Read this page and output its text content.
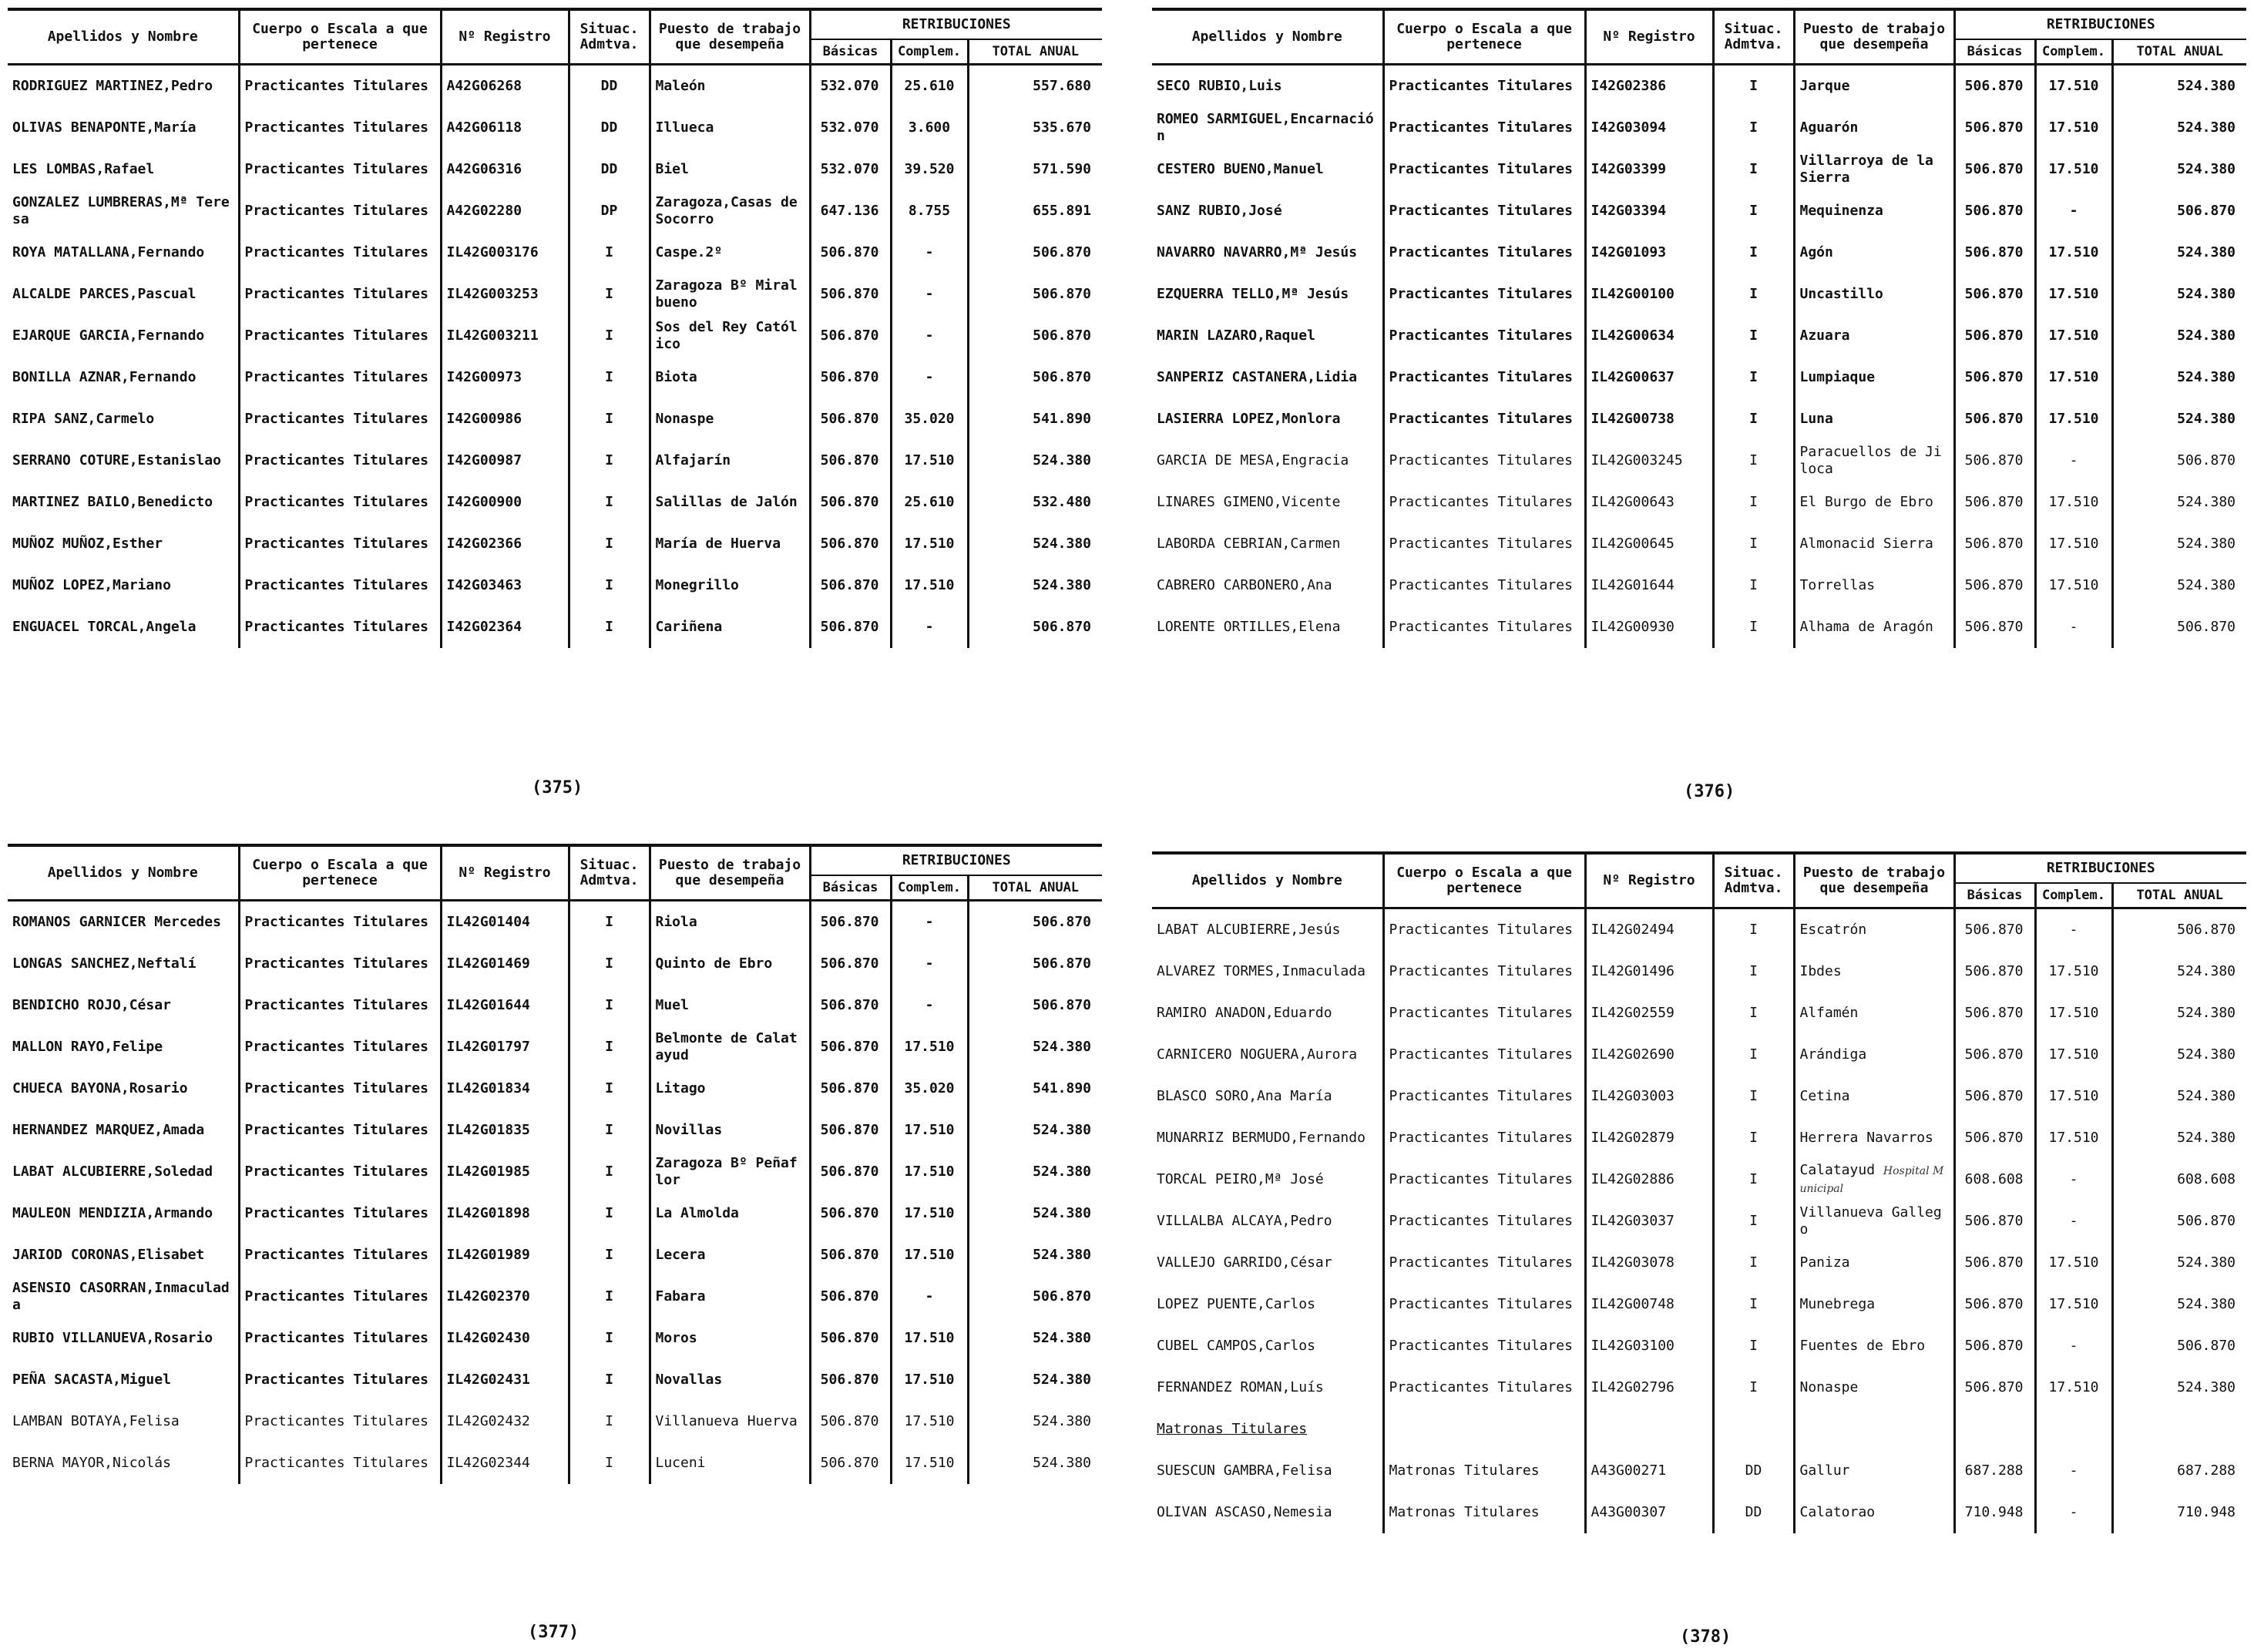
Apellidos y Nombre	Cuerpo o Escala a que pertenece	Nº Registro	Situac. Admtva.	Puesto de trabajo que desempeña	RETRIBUCIONES		
					Básicas	Complem.	TOTAL ANUAL
RODRIGUEZ MARTINEZ,Pedro	Practicantes Titulares	A42G06268	DD	Maleón	532.070	25.610	557.680
OLIVAS BENAPONTE,María	Practicantes Titulares	A42G06118	DD	Illueca	532.070	3.600	535.670
LES LOMBAS,Rafael	Practicantes Titulares	A42G06316	DD	Biel	532.070	39.520	571.590
GONZALEZ LUMBRERAS,Mª Teresa	Practicantes Titulares	A42G02280	DP	Zaragoza,Casas de Socorro	647.136	8.755	655.891
ROYA MATALLANA,Fernando	Practicantes Titulares	IL42G003176	I	Caspe.2º	506.870	-	506.870
ALCALDE PARCES,Pascual	Practicantes Titulares	IL42G003253	I	Zaragoza Bº Miralbueno	506.870	-	506.870
EJARQUE GARCIA,Fernando	Practicantes Titulares	IL42G003211	I	Sos del Rey Católico	506.870	-	506.870
BONILLA AZNAR,Fernando	Practicantes Titulares	I42G00973	I	Biota	506.870	-	506.870
RIPA SANZ,Carmelo	Practicantes Titulares	I42G00986	I	Nonaspe	506.870	35.020	541.890
SERRANO COTURE,Estanislao	Practicantes Titulares	I42G00987	I	Alfajarín	506.870	17.510	524.380
MARTINEZ BAILO,Benedicto	Practicantes Titulares	I42G00900	I	Salillas de Jalón	506.870	25.610	532.480
MUÑOZ MUÑOZ,Esther	Practicantes Titulares	I42G02366	I	María de Huerva	506.870	17.510	524.380
MUÑOZ LOPEZ,Mariano	Practicantes Titulares	I42G03463	I	Monegrillo	506.870	17.510	524.380
ENGUACEL TORCAL,Angela	Practicantes Titulares	I42G02364	I	Cariñena	506.870	-	506.870
Apellidos y Nombre	Cuerpo o Escala a que pertenece	Nº Registro	Situac. Admtva.	Puesto de trabajo que desempeña	RETRIBUCIONES		
					Básicas	Complem.	TOTAL ANUAL
SECO RUBIO,Luis	Practicantes Titulares	I42G02386	I	Jarque	506.870	17.510	524.380
ROMEO SARMIGUEL,Encarnación	Practicantes Titulares	I42G03094	I	Aguarón	506.870	17.510	524.380
CESTERO BUENO,Manuel	Practicantes Titulares	I42G03399	I	Villarroya de la Sierra	506.870	17.510	524.380
SANZ RUBIO,José	Practicantes Titulares	I42G03394	I	Mequinenza	506.870	-	506.870
NAVARRO NAVARRO,Mª Jesús	Practicantes Titulares	I42G01093	I	Agón	506.870	17.510	524.380
EZQUERRA TELLO,Mª Jesús	Practicantes Titulares	IL42G00100	I	Uncastillo	506.870	17.510	524.380
MARIN LAZARO,Raquel	Practicantes Titulares	IL42G00634	I	Azuara	506.870	17.510	524.380
SANPERIZ CASTANERA,Lidia	Practicantes Titulares	IL42G00637	I	Lumpiaque	506.870	17.510	524.380
LASIERRA LOPEZ,Monlora	Practicantes Titulares	IL42G00738	I	Luna	506.870	17.510	524.380
GARCIA DE MESA,Engracia	Practicantes Titulares	IL42G003245	I	Paracuellos de Jiloca	506.870	-	506.870
LINARES GIMENO,Vicente	Practicantes Titulares	IL42G00643	I	El Burgo de Ebro	506.870	17.510	524.380
LABORDA CEBRIAN,Carmen	Practicantes Titulares	IL42G00645	I	Almonacid Sierra	506.870	17.510	524.380
CABRERO CARBONERO,Ana	Practicantes Titulares	IL42G01644	I	Torrellas	506.870	17.510	524.380
LORENTE ORTILLES,Elena	Practicantes Titulares	IL42G00930	I	Alhama de Aragón	506.870	-	506.870
Apellidos y Nombre	Cuerpo o Escala a que pertenece	Nº Registro	Situac. Admtva.	Puesto de trabajo que desempeña	RETRIBUCIONES		
					Básicas	Complem.	TOTAL ANUAL
ROMANOS GARNICER Mercedes	Practicantes Titulares	IL42G01404	I	Riola	506.870	-	506.870
LONGAS SANCHEZ,Neftalí	Practicantes Titulares	IL42G01469	I	Quinto de Ebro	506.870	-	506.870
BENDICHO ROJO,César	Practicantes Titulares	IL42G01644	I	Muel	506.870	-	506.870
MALLON RAYO,Felipe	Practicantes Titulares	IL42G01797	I	Belmonte de Calatayud	506.870	17.510	524.380
CHUECA BAYONA,Rosario	Practicantes Titulares	IL42G01834	I	Litago	506.870	35.020	541.890
HERNANDEZ MARQUEZ,Amada	Practicantes Titulares	IL42G01835	I	Novillas	506.870	17.510	524.380
LABAT ALCUBIERRE,Soledad	Practicantes Titulares	IL42G01985	I	Zaragoza Bº Peñaflor	506.870	17.510	524.380
MAULEON MENDIZIA,Armando	Practicantes Titulares	IL42G01898	I	La Almolda	506.870	17.510	524.380
JARIOD CORONAS,Elisabet	Practicantes Titulares	IL42G01989	I	Lecera	506.870	17.510	524.380
ASENSIO CASORRAN,Inmaculada	Practicantes Titulares	IL42G02370	I	Fabara	506.870	-	506.870
RUBIO VILLANUEVA,Rosario	Practicantes Titulares	IL42G02430	I	Moros	506.870	17.510	524.380
PEÑA SACASTA,Miguel	Practicantes Titulares	IL42G02431	I	Novallas	506.870	17.510	524.380
LAMBAN BOTAYA,Felisa	Practicantes Titulares	IL42G02432	I	Villanueva Huerva	506.870	17.510	524.380
BERNA MAYOR,Nicolás	Practicantes Titulares	IL42G02344	I	Luceni	506.870	17.510	524.380
Apellidos y Nombre	Cuerpo o Escala a que pertenece	Nº Registro	Situac. Admtva.	Puesto de trabajo que desempeña	RETRIBUCIONES		
					Básicas	Complem.	TOTAL ANUAL
LABAT ALCUBIERRE,Jesús	Practicantes Titulares	IL42G02494	I	Escatrón	506.870	-	506.870
ALVAREZ TORMES,Inmaculada	Practicantes Titulares	IL42G01496	I	Ibdes	506.870	17.510	524.380
RAMIRO ANADON,Eduardo	Practicantes Titulares	IL42G02559	I	Alfamén	506.870	17.510	524.380
CARNICERO NOGUERA,Aurora	Practicantes Titulares	IL42G02690	I	Arándiga	506.870	17.510	524.380
BLASCO SORO,Ana María	Practicantes Titulares	IL42G03003	I	Cetina	506.870	17.510	524.380
MUNARRIZ BERMUDO,Fernando	Practicantes Titulares	IL42G02879	I	Herrera Navarros	506.870	17.510	524.380
TORCAL PEIRO,Mª José	Practicantes Titulares	IL42G02886	I	Calatayud Hospital Municipal	608.608	-	608.608
VILLALBA ALCAYA,Pedro	Practicantes Titulares	IL42G03037	I	Villanueva Gallego	506.870	-	506.870
VALLEJO GARRIDO,César	Practicantes Titulares	IL42G03078	I	Paniza	506.870	17.510	524.380
LOPEZ PUENTE,Carlos	Practicantes Titulares	IL42G00748	I	Munebrega	506.870	17.510	524.380
CUBEL CAMPOS,Carlos	Practicantes Titulares	IL42G03100	I	Fuentes de Ebro	506.870	-	506.870
FERNANDEZ ROMAN,Luís	Practicantes Titulares	IL42G02796	I	Nonaspe	506.870	17.510	524.380
Matronas Titulares							
SUESCUN GAMBRA,Felisa	Matronas Titulares	A43G00271	DD	Gallur	687.288	-	687.288
OLIVAN ASCASO,Nemesia	Matronas Titulares	A43G00307	DD	Calatorao	710.948	-	710.948
(375)	(376)
(377)	(378)
